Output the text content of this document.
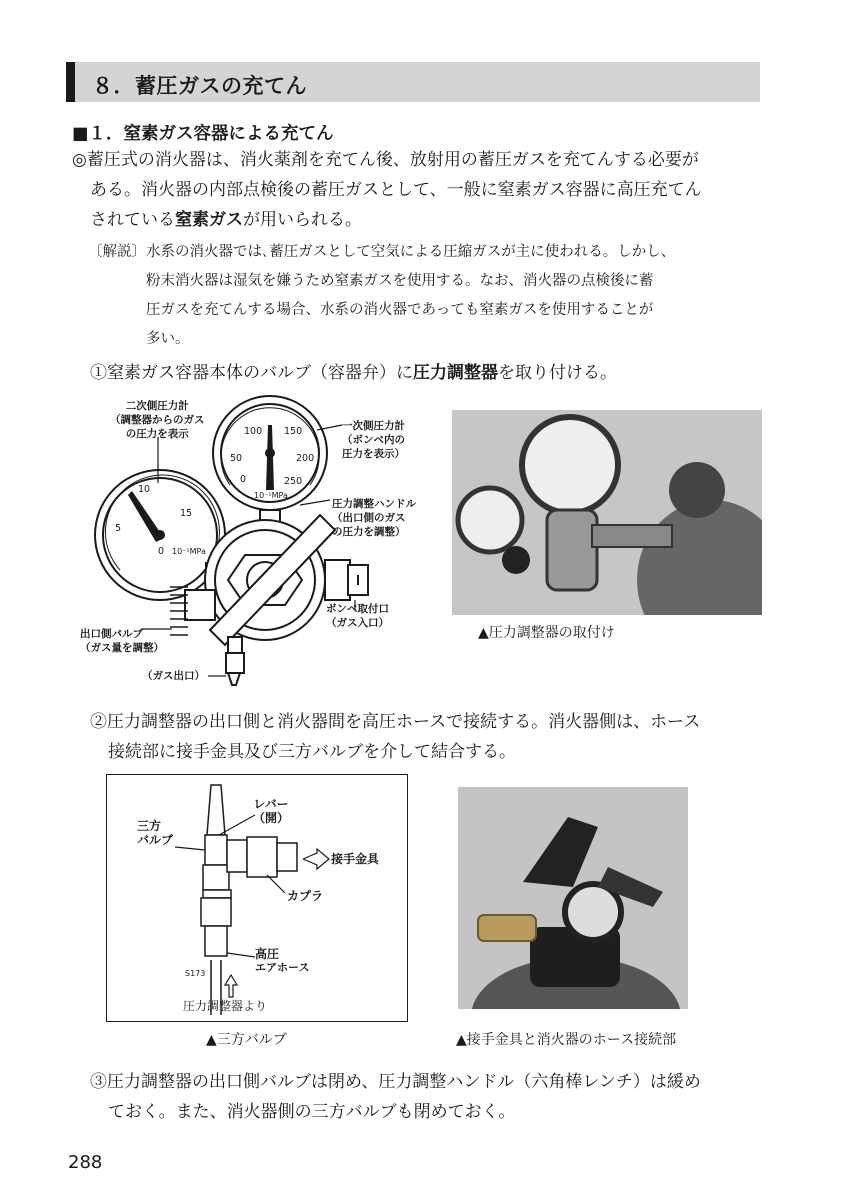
８．蓄圧ガスの充てん
■１．窒素ガス容器による充てん
◎蓄圧式の消火器は、消火薬剤を充てん後、放射用の蓄圧ガスを充てんする必要が
ある。消火器の内部点検後の蓄圧ガスとして、一般に窒素ガス容器に高圧充てん
されている窒素ガスが用いられる。
〔解説〕 水系の消火器では､蓄圧ガスとして空気による圧縮ガスが主に使われる。しかし、
粉末消火器は湿気を嫌うため窒素ガスを使用する。なお、消火器の点検後に蓄
圧ガスを充てんする場合、水系の消火器であっても窒素ガスを使用することが
多い。
①窒素ガス容器本体のバルブ（容器弁）に圧力調整器を取り付ける。
0
50
100 150
200
250
10⁻¹MPa
0
5
10
15
10⁻¹MPa
二次側圧力計
（調整器からのガス
の圧力を表示
一次側圧力計
（ボンベ内の
圧力を表示）
圧力調整ハンドル
（出口側のガス
の圧力を調整）
ボンベ取付口
（ガス入口）
出口側バルブ
（ガス量を調整）
（ガス出口）
▲圧力調整器の取付け
②圧力調整器の出口側と消火器間を高圧ホースで接続する。消火器側は、ホース
接続部に接手金具及び三方バルブを介して結合する。
レバー
（開）
三方
バルブ
接手金具
カプラ
高圧
エアホース
S173
圧力調整器より
▲三方バルブ	▲接手金具と消火器のホース接続部
③圧力調整器の出口側バルブは閉め、圧力調整ハンドル（六角棒レンチ）は緩め
ておく。また、消火器側の三方バルブも閉めておく。
288
